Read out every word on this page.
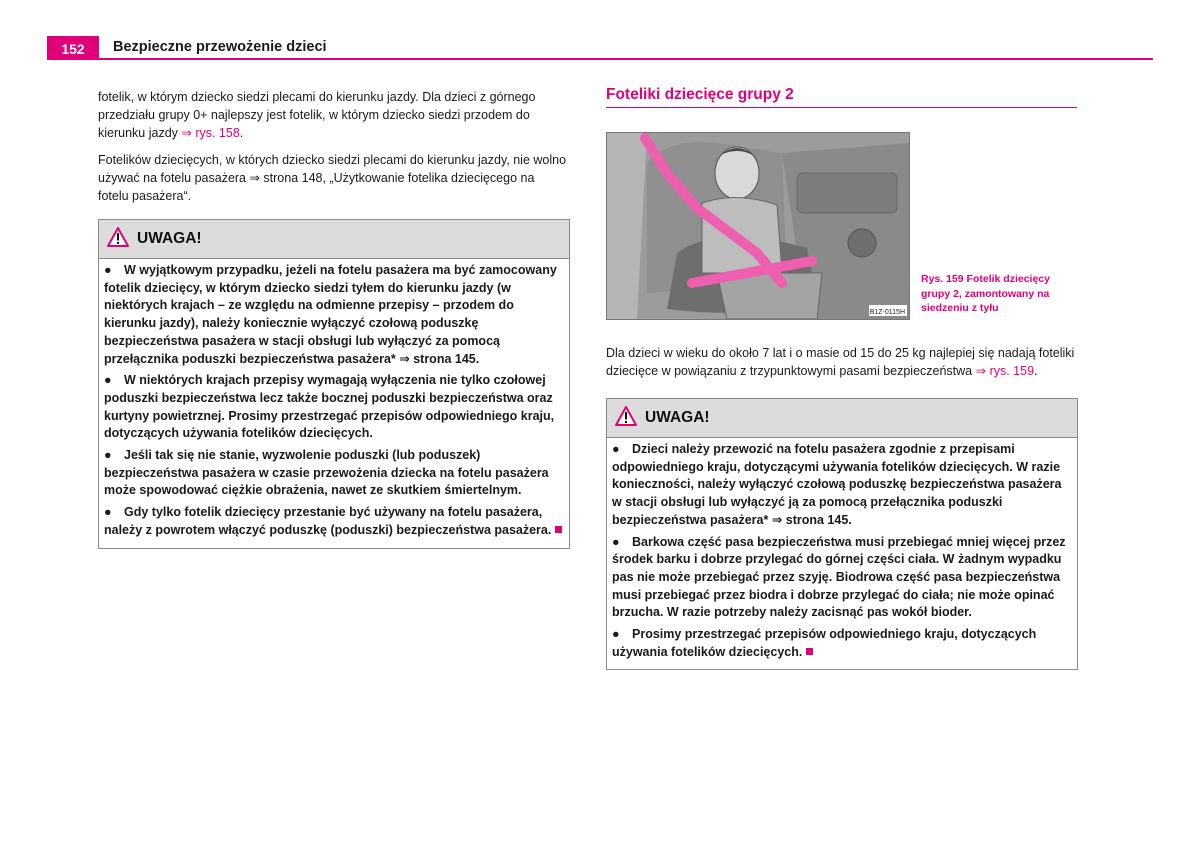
152	Bezpieczne przewożenie dzieci

fotelik, w którym dziecko siedzi plecami do kierunku jazdy. Dla dzieci z górnego przedziału grupy 0+ najlepszy jest fotelik, w którym dziecko siedzi przodem do kierunku jazdy ⇒ rys. 158.

Fotelików dziecięcych, w których dziecko siedzi plecami do kierunku jazdy, nie wolno używać na fotelu pasażera ⇒ strona 148, „Użytkowanie fotelika dziecięcego na fotelu pasażera“.

UWAGA!
● W wyjątkowym przypadku, jeżeli na fotelu pasażera ma być zamocowany fotelik dziecięcy, w którym dziecko siedzi tyłem do kierunku jazdy (w niektórych krajach – ze względu na odmienne przepisy – przodem do kierunku jazdy), należy koniecznie wyłączyć czołową poduszkę bezpieczeństwa pasażera w stacji obsługi lub wyłączyć za pomocą przełącznika poduszki bezpieczeństwa pasażera* ⇒ strona 145.
● W niektórych krajach przepisy wymagają wyłączenia nie tylko czołowej poduszki bezpieczeństwa lecz także bocznej poduszki bezpieczeństwa oraz kurtyny powietrznej. Prosimy przestrzegać przepisów odpowiedniego kraju, dotyczących używania fotelików dziecięcych.
● Jeśli tak się nie stanie, wyzwolenie poduszki (lub poduszek) bezpieczeństwa pasażera w czasie przewożenia dziecka na fotelu pasażera może spowodować ciężkie obrażenia, nawet ze skutkiem śmiertelnym.
● Gdy tylko fotelik dziecięcy przestanie być używany na fotelu pasażera, należy z powrotem włączyć poduszkę (poduszki) bezpieczeństwa pasażera.
Foteliki dziecięce grupy 2
B1Z-0115H
Rys. 159 Fotelik dziecięcy grupy 2, zamontowany na siedzeniu z tyłu

Dla dzieci w wieku do około 7 lat i o masie od 15 do 25 kg najlepiej się nadają foteliki dziecięce w powiązaniu z trzypunktowymi pasami bezpieczeństwa ⇒ rys. 159.

UWAGA!
● Dzieci należy przewozić na fotelu pasażera zgodnie z przepisami odpowiedniego kraju, dotyczącymi używania fotelików dziecięcych. W razie konieczności, należy wyłączyć czołową poduszkę bezpieczeństwa pasażera w stacji obsługi lub wyłączyć ją za pomocą przełącznika poduszki bezpieczeństwa pasażera* ⇒ strona 145.
● Barkowa część pasa bezpieczeństwa musi przebiegać mniej więcej przez środek barku i dobrze przylegać do górnej części ciała. W żadnym wypadku pas nie może przebiegać przez szyję. Biodrowa część pasa bezpieczeństwa musi przebiegać przez biodra i dobrze przylegać do ciała; nie może opinać brzucha. W razie potrzeby należy zacisnąć pas wokół bioder.
● Prosimy przestrzegać przepisów odpowiedniego kraju, dotyczących używania fotelików dziecięcych.
